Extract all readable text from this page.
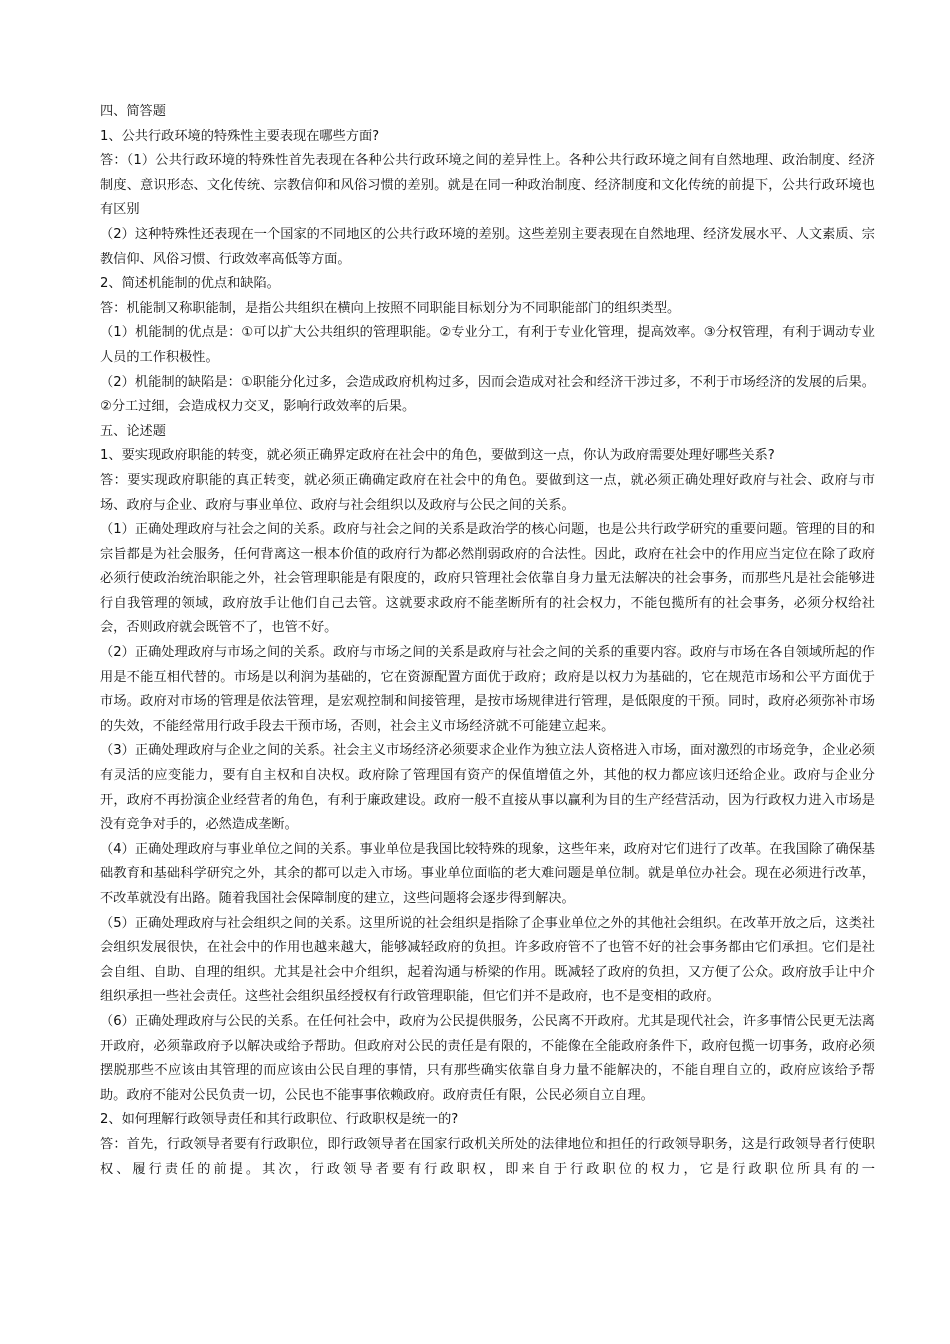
四、简答题

1、公共行政环境的特殊性主要表现在哪些方面?

答：（1）公共行政环境的特殊性首先表现在各种公共行政环境之间的差异性上。各种公共行政环境之间有自然地理、政治制度、经济制度、意识形态、文化传统、宗教信仰和风俗习惯的差别。就是在同一种政治制度、经济制度和文化传统的前提下，公共行政环境也有区别

（2）这种特殊性还表现在一个国家的不同地区的公共行政环境的差别。这些差别主要表现在自然地理、经济发展水平、人文素质、宗教信仰、风俗习惯、行政效率高低等方面。

2、简述机能制的优点和缺陷。

答：机能制又称职能制，是指公共组织在横向上按照不同职能目标划分为不同职能部门的组织类型。

（1）机能制的优点是：①可以扩大公共组织的管理职能。②专业分工，有利于专业化管理，提高效率。③分权管理，有利于调动专业人员的工作积极性。

（2）机能制的缺陷是：①职能分化过多，会造成政府机构过多，因而会造成对社会和经济干涉过多，不利于市场经济的发展的后果。②分工过细，会造成权力交叉，影响行政效率的后果。

五、论述题

1、要实现政府职能的转变，就必须正确界定政府在社会中的角色，要做到这一点，你认为政府需要处理好哪些关系?

答：要实现政府职能的真正转变，就必须正确确定政府在社会中的角色。要做到这一点，就必须正确处理好政府与社会、政府与市场、政府与企业、政府与事业单位、政府与社会组织以及政府与公民之间的关系。

（1）正确处理政府与社会之间的关系。政府与社会之间的关系是政治学的核心问题，也是公共行政学研究的重要问题。管理的目的和宗旨都是为社会服务，任何背离这一根本价值的政府行为都必然削弱政府的合法性。因此，政府在社会中的作用应当定位在除了政府必须行使政治统治职能之外，社会管理职能是有限度的，政府只管理社会依靠自身力量无法解决的社会事务，而那些凡是社会能够进行自我管理的领域，政府放手让他们自己去管。这就要求政府不能垄断所有的社会权力，不能包揽所有的社会事务，必须分权给社会，否则政府就会既管不了，也管不好。

（2）正确处理政府与市场之间的关系。政府与市场之间的关系是政府与社会之间的关系的重要内容。政府与市场在各自领域所起的作用是不能互相代替的。市场是以利润为基础的，它在资源配置方面优于政府；政府是以权力为基础的，它在规范市场和公平方面优于市场。政府对市场的管理是依法管理，是宏观控制和间接管理，是按市场规律进行管理，是低限度的干预。同时，政府必须弥补市场的失效，不能经常用行政手段去干预市场，否则，社会主义市场经济就不可能建立起来。

（3）正确处理政府与企业之间的关系。社会主义市场经济必须要求企业作为独立法人资格进入市场，面对激烈的市场竞争，企业必须有灵活的应变能力，要有自主权和自决权。政府除了管理国有资产的保值增值之外，其他的权力都应该归还给企业。政府与企业分开，政府不再扮演企业经营者的角色，有利于廉政建设。政府一般不直接从事以赢利为目的生产经营活动，因为行政权力进入市场是没有竞争对手的，必然造成垄断。

（4）正确处理政府与事业单位之间的关系。事业单位是我国比较特殊的现象，这些年来，政府对它们进行了改革。在我国除了确保基础教育和基础科学研究之外，其余的都可以走入市场。事业单位面临的老大难问题是单位制。就是单位办社会。现在必须进行改革，不改革就没有出路。随着我国社会保障制度的建立，这些问题将会逐步得到解决。

（5）正确处理政府与社会组织之间的关系。这里所说的社会组织是指除了企事业单位之外的其他社会组织。在改革开放之后，这类社会组织发展很快，在社会中的作用也越来越大，能够减轻政府的负担。许多政府管不了也管不好的社会事务都由它们承担。它们是社会自组、自助、自理的组织。尤其是社会中介组织，起着沟通与桥梁的作用。既减轻了政府的负担，又方便了公众。政府放手让中介组织承担一些社会责任。这些社会组织虽经授权有行政管理职能，但它们并不是政府，也不是变相的政府。

（6）正确处理政府与公民的关系。在任何社会中，政府为公民提供服务，公民离不开政府。尤其是现代社会，许多事情公民更无法离开政府，必须靠政府予以解决或给予帮助。但政府对公民的责任是有限的，不能像在全能政府条件下，政府包揽一切事务，政府必须摆脱那些不应该由其管理的而应该由公民自理的事情，只有那些确实依靠自身力量不能解决的，不能自理自立的，政府应该给予帮助。政府不能对公民负责一切，公民也不能事事依赖政府。政府责任有限，公民必须自立自理。

2、如何理解行政领导责任和其行政职位、行政职权是统一的?

答：首先，行政领导者要有行政职位，即行政领导者在国家行政机关所处的法律地位和担任的行政领导职务，这是行政领导者行使职权、履行责任的前提。其次，行政领导者要有行政职权，即来自于行政职位的权力，它是行政职位所具有的一
